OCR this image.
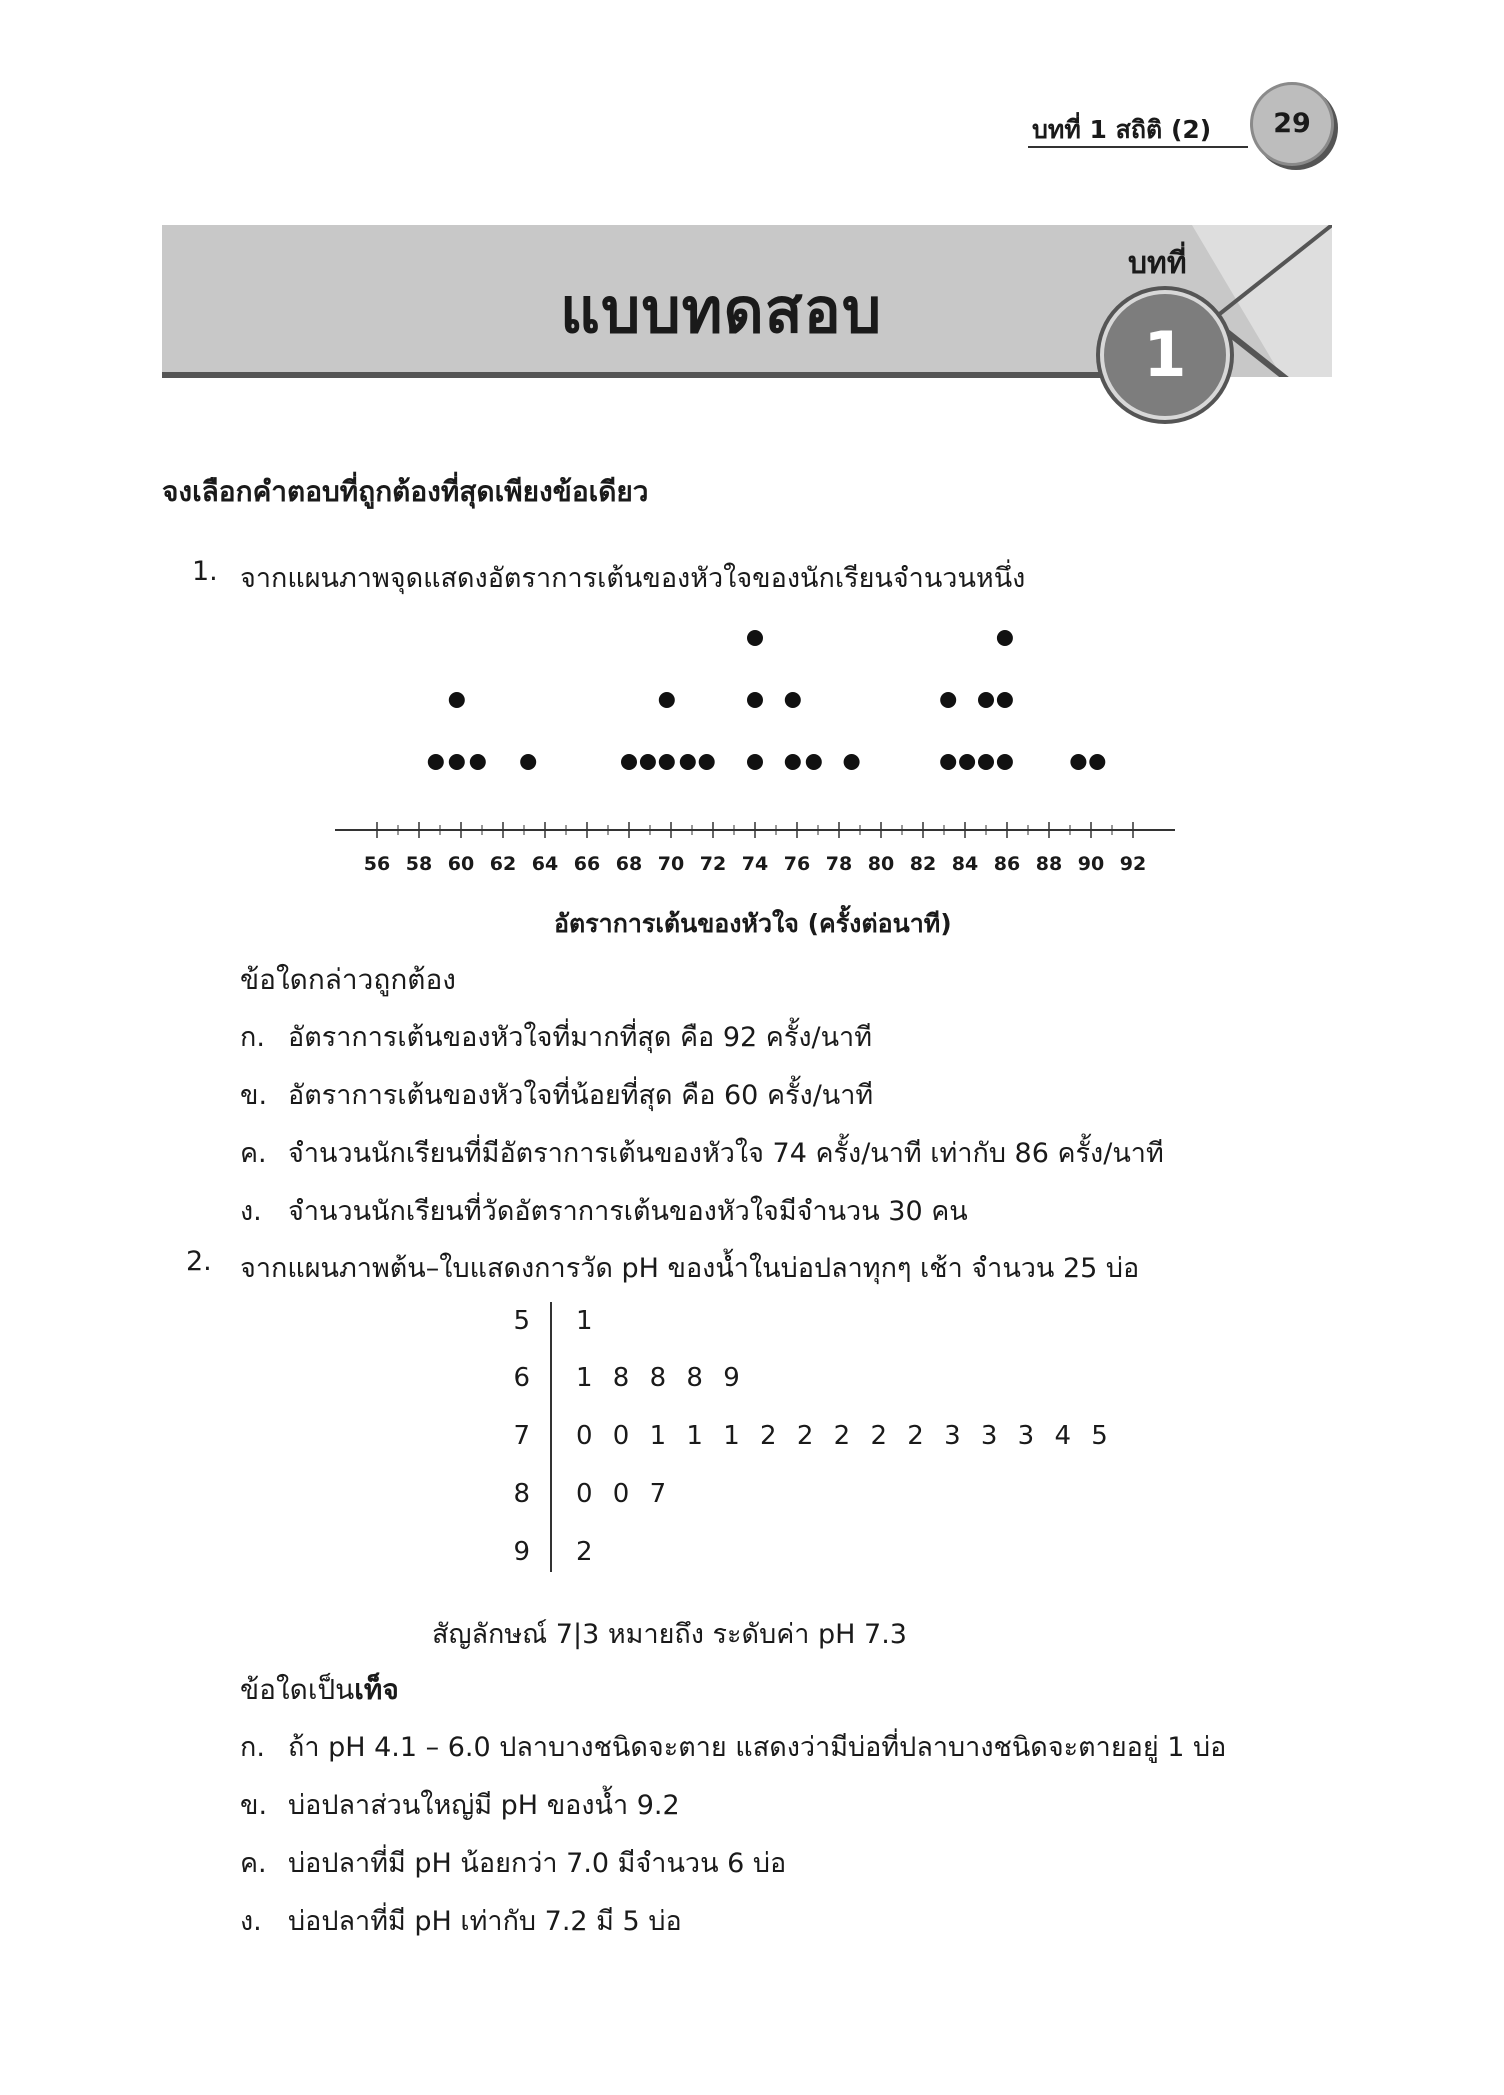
บทที่ 1 สถิติ (2)	29
แบบทดสอบ
บทที่
1
จงเลือกคำตอบที่ถูกต้องที่สุดเพียงข้อเดียว
1. จากแผนภาพจุดแสดงอัตราการเต้นของหัวใจของนักเรียนจำนวนหนึ่ง
56 58 60 62 64 66 68 70 72 74 76 78 80 82 84 86 88 90 92
อัตราการเต้นของหัวใจ (ครั้งต่อนาที)
ข้อใดกล่าวถูกต้อง
ก. อัตราการเต้นของหัวใจที่มากที่สุด คือ 92 ครั้ง/นาที
ข. อัตราการเต้นของหัวใจที่น้อยที่สุด คือ 60 ครั้ง/นาที
ค. จำนวนนักเรียนที่มีอัตราการเต้นของหัวใจ 74 ครั้ง/นาที เท่ากับ 86 ครั้ง/นาที
ง. จำนวนนักเรียนที่วัดอัตราการเต้นของหัวใจมีจำนวน 30 คน
2. จากแผนภาพต้น–ใบแสดงการวัด pH ของน้ำในบ่อปลาทุกๆ เช้า จำนวน 25 บ่อ
5 1
6 1 8 8 8 9
7 0 0 1 1 1 2 2 2 2 2 3 3 3 4 5
8 0 0 7
9 2
สัญลักษณ์ 7|3 หมายถึง ระดับค่า pH 7.3
ข้อใดเป็นเท็จ
ก. ถ้า pH 4.1 – 6.0 ปลาบางชนิดจะตาย แสดงว่ามีบ่อที่ปลาบางชนิดจะตายอยู่ 1 บ่อ
ข. บ่อปลาส่วนใหญ่มี pH ของน้ำ 9.2
ค. บ่อปลาที่มี pH น้อยกว่า 7.0 มีจำนวน 6 บ่อ
ง. บ่อปลาที่มี pH เท่ากับ 7.2 มี 5 บ่อ
